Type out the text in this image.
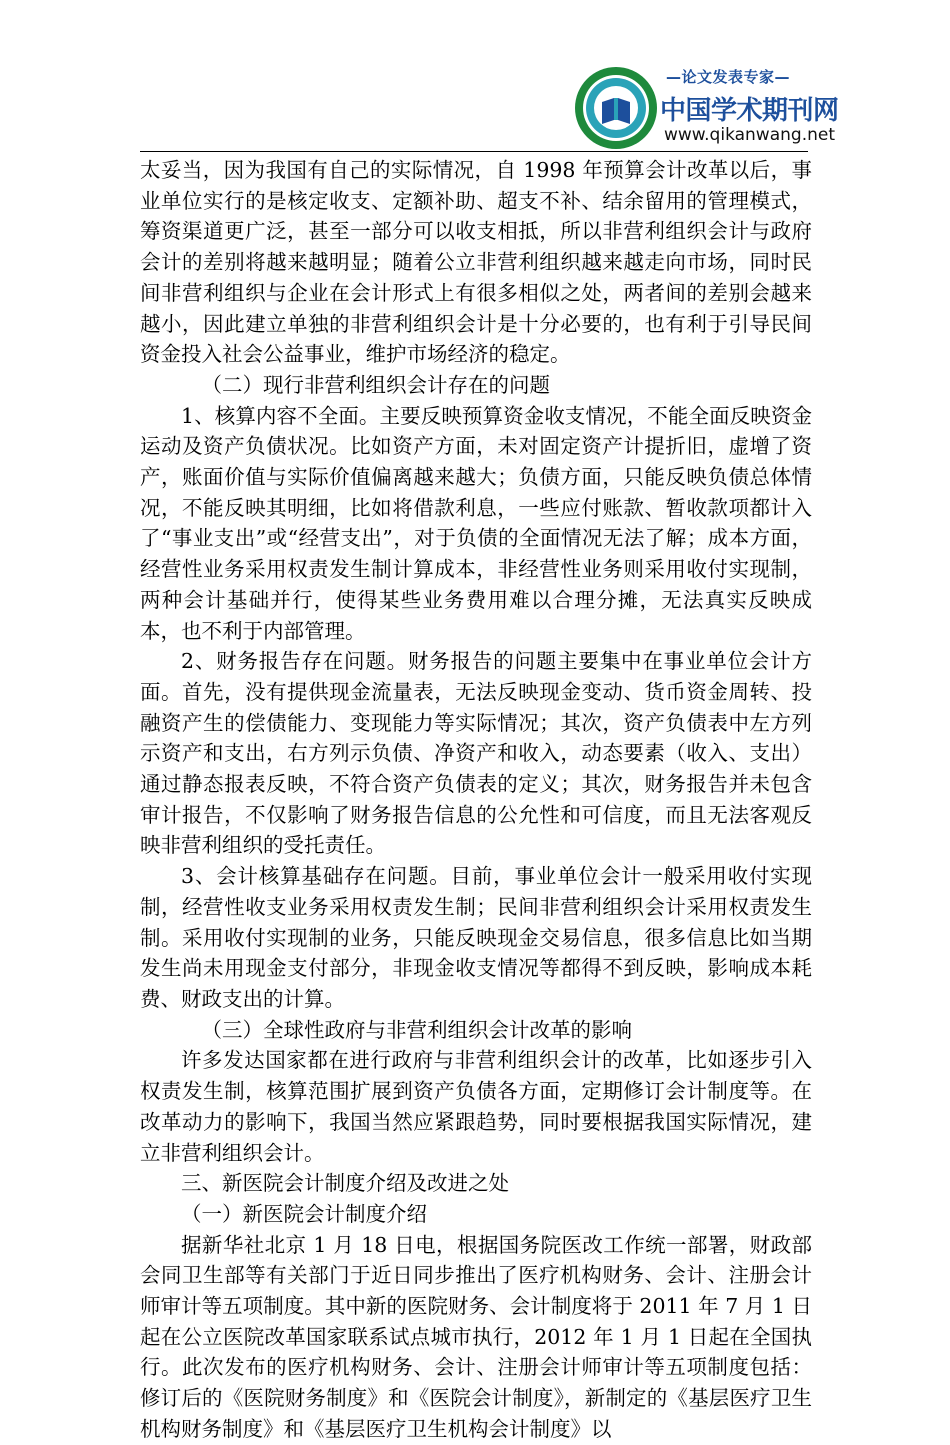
—论文发表专家—
中国学术期刊网
www.qikanwang.net

太妥当，因为我国有自己的实际情况，自 1998 年预算会计改革以后，事业单位实行的是核定收支、定额补助、超支不补、结余留用的管理模式，筹资渠道更广泛，甚至一部分可以收支相抵，所以非营利组织会计与政府会计的差别将越来越明显；随着公立非营利组织越来越走向市场，同时民间非营利组织与企业在会计形式上有很多相似之处，两者间的差别会越来越小，因此建立单独的非营利组织会计是十分必要的，也有利于引导民间资金投入社会公益事业，维护市场经济的稳定。

（二）现行非营利组织会计存在的问题

1、核算内容不全面。主要反映预算资金收支情况，不能全面反映资金运动及资产负债状况。比如资产方面，未对固定资产计提折旧，虚增了资产，账面价值与实际价值偏离越来越大；负债方面，只能反映负债总体情况，不能反映其明细，比如将借款利息，一些应付账款、暂收款项都计入了“事业支出”或“经营支出”，对于负债的全面情况无法了解；成本方面，经营性业务采用权责发生制计算成本，非经营性业务则采用收付实现制，两种会计基础并行，使得某些业务费用难以合理分摊，无法真实反映成本，也不利于内部管理。

2、财务报告存在问题。财务报告的问题主要集中在事业单位会计方面。首先，没有提供现金流量表，无法反映现金变动、货币资金周转、投融资产生的偿债能力、变现能力等实际情况；其次，资产负债表中左方列示资产和支出，右方列示负债、净资产和收入，动态要素（收入、支出）通过静态报表反映，不符合资产负债表的定义；其次，财务报告并未包含审计报告，不仅影响了财务报告信息的公允性和可信度，而且无法客观反映非营利组织的受托责任。

3、会计核算基础存在问题。目前，事业单位会计一般采用收付实现制，经营性收支业务采用权责发生制；民间非营利组织会计采用权责发生制。采用收付实现制的业务，只能反映现金交易信息，很多信息比如当期发生尚未用现金支付部分，非现金收支情况等都得不到反映，影响成本耗费、财政支出的计算。

（三）全球性政府与非营利组织会计改革的影响

许多发达国家都在进行政府与非营利组织会计的改革，比如逐步引入权责发生制，核算范围扩展到资产负债各方面，定期修订会计制度等。在改革动力的影响下，我国当然应紧跟趋势，同时要根据我国实际情况，建立非营利组织会计。

三、新医院会计制度介绍及改进之处

（一）新医院会计制度介绍

据新华社北京 1 月 18 日电，根据国务院医改工作统一部署，财政部会同卫生部等有关部门于近日同步推出了医疗机构财务、会计、注册会计师审计等五项制度。其中新的医院财务、会计制度将于 2011 年 7 月 1 日起在公立医院改革国家联系试点城市执行，2012 年 1 月 1 日起在全国执行。此次发布的医疗机构财务、会计、注册会计师审计等五项制度包括：修订后的《医院财务制度》和《医院会计制度》，新制定的《基层医疗卫生机构财务制度》和《基层医疗卫生机构会计制度》以
